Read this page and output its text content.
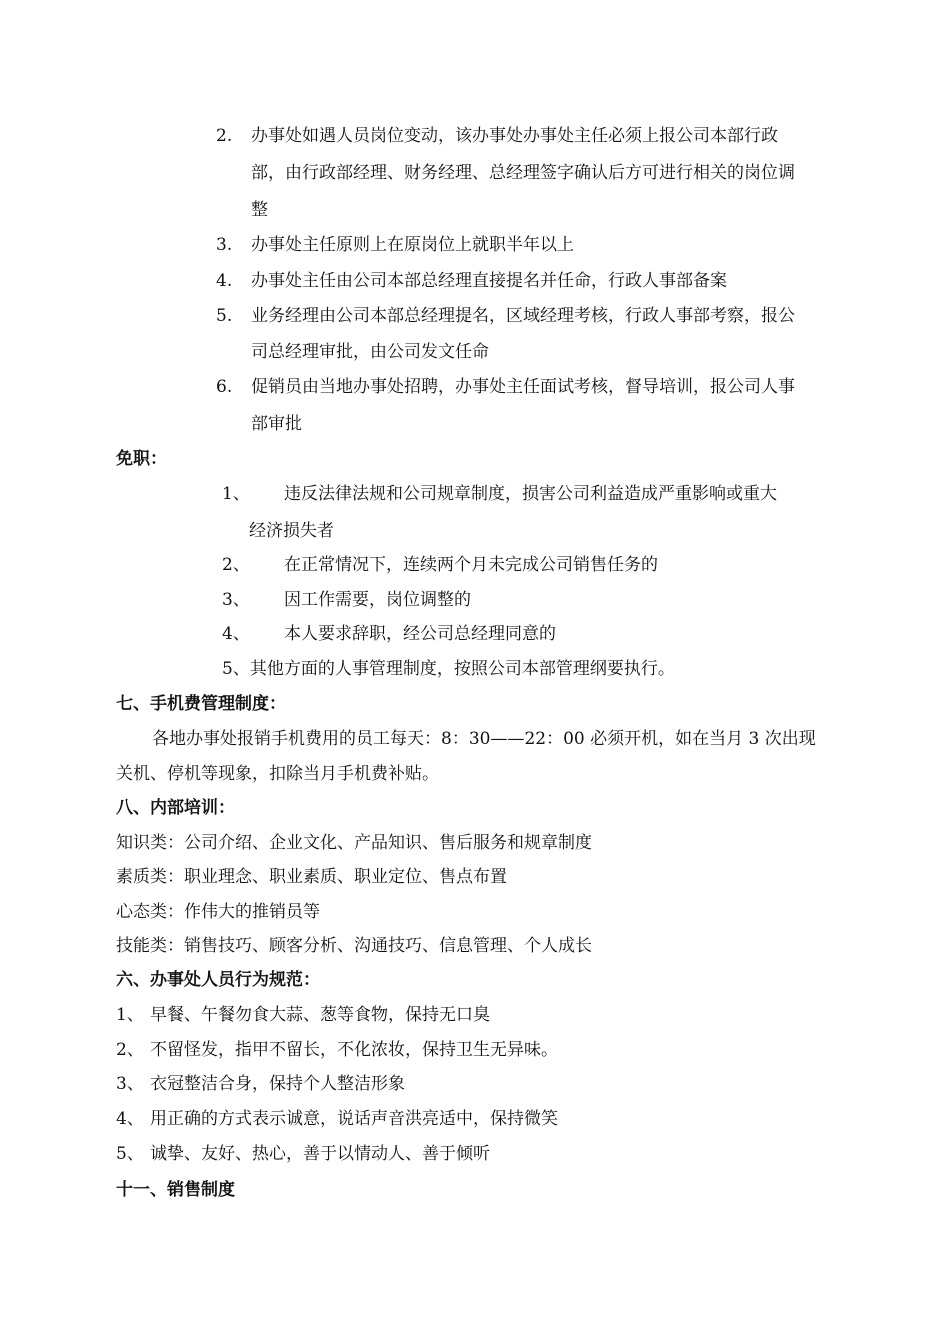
2. 办事处如遇人员岗位变动，该办事处办事处主任必须上报公司本部行政
部，由行政部经理、财务经理、总经理签字确认后方可进行相关的岗位调
整
3. 办事处主任原则上在原岗位上就职半年以上
4. 办事处主任由公司本部总经理直接提名并任命，行政人事部备案
5. 业务经理由公司本部总经理提名，区域经理考核，行政人事部考察，报公
司总经理审批，由公司发文任命
6. 促销员由当地办事处招聘，办事处主任面试考核，督导培训，报公司人事
部审批
免职：
1、 违反法律法规和公司规章制度，损害公司利益造成严重影响或重大
经济损失者
2、 在正常情况下，连续两个月未完成公司销售任务的
3、 因工作需要，岗位调整的
4、 本人要求辞职，经公司总经理同意的
5、其他方面的人事管理制度，按照公司本部管理纲要执行。
七、手机费管理制度：
各地办事处报销手机费用的员工每天：8：30——22：00 必须开机，如在当月 3 次出现
关机、停机等现象，扣除当月手机费补贴。
八、内部培训：
知识类：公司介绍、企业文化、产品知识、售后服务和规章制度
素质类：职业理念、职业素质、职业定位、售点布置
心态类：作伟大的推销员等
技能类：销售技巧、顾客分析、沟通技巧、信息管理、个人成长
六、办事处人员行为规范：
1、 早餐、午餐勿食大蒜、葱等食物，保持无口臭
2、 不留怪发，指甲不留长，不化浓妆，保持卫生无异味。
3、 衣冠整洁合身，保持个人整洁形象
4、 用正确的方式表示诚意，说话声音洪亮适中，保持微笑
5、 诚挚、友好、热心，善于以情动人、善于倾听
十一、销售制度
